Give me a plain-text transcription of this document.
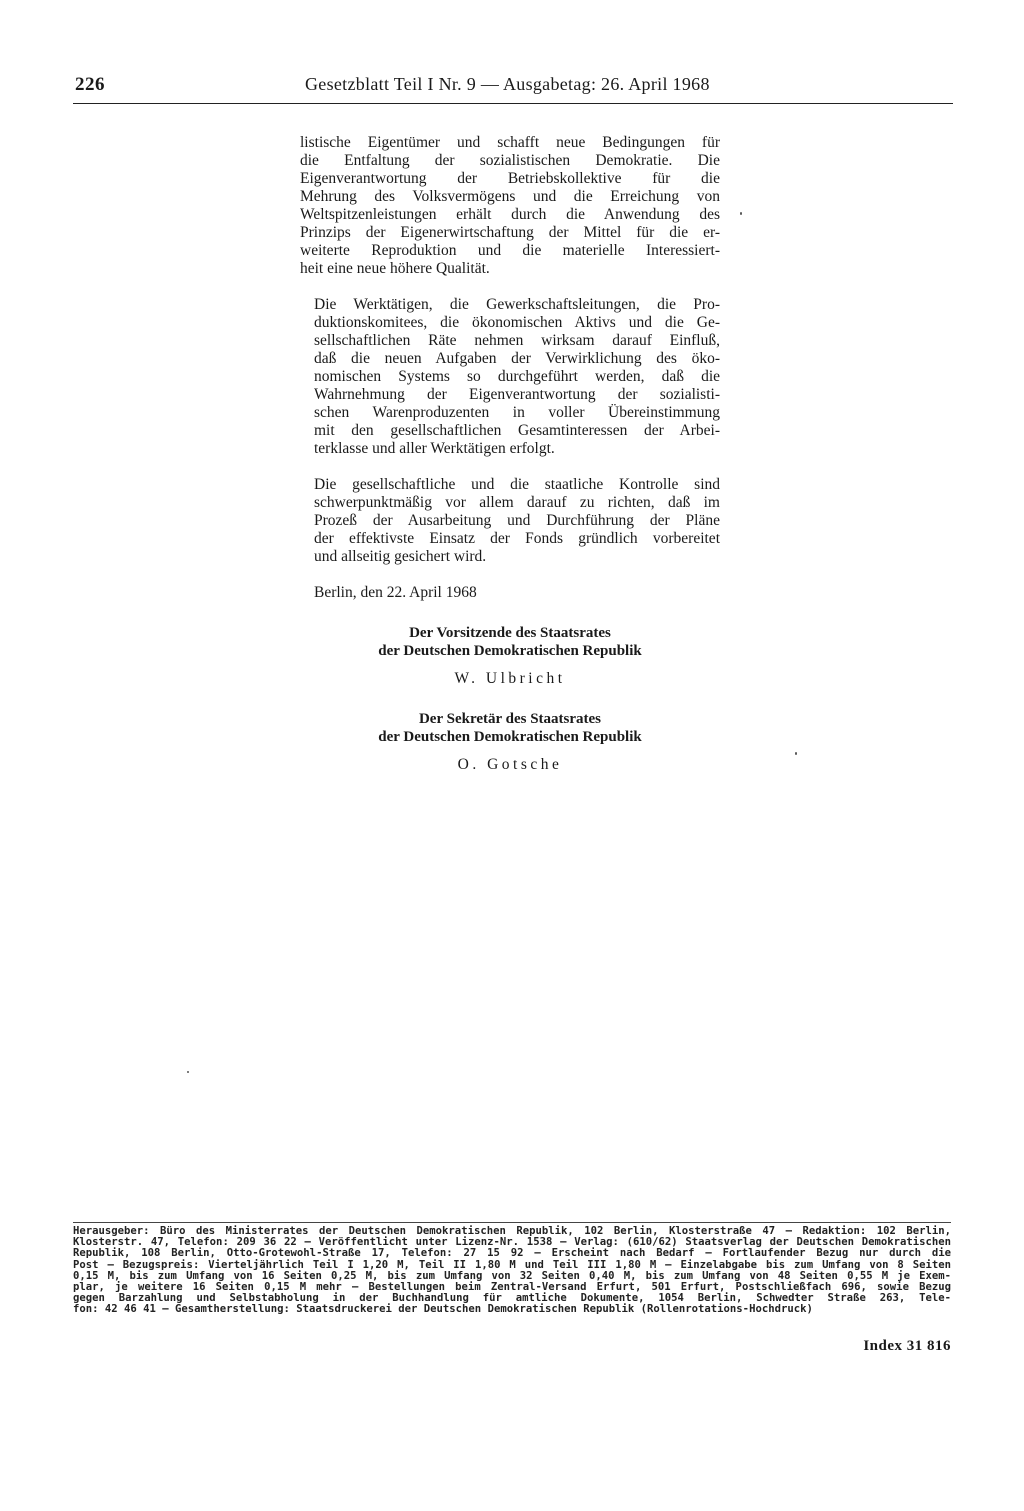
226	Gesetzblatt Teil I Nr. 9 — Ausgabetag: 26. April 1968
listische Eigentümer und schafft neue Bedingungen für
die Entfaltung der sozialistischen Demokratie. Die
Eigenverantwortung der Betriebskollektive für die
Mehrung des Volksvermögens und die Erreichung von
Weltspitzenleistungen erhält durch die Anwendung des
Prinzips der Eigenerwirtschaftung der Mittel für die er-
weiterte Reproduktion und die materielle Interessiert-
heit eine neue höhere Qualität.
Die Werktätigen, die Gewerkschaftsleitungen, die Pro-
duktionskomitees, die ökonomischen Aktivs und die Ge-
sellschaftlichen Räte nehmen wirksam darauf Einfluß,
daß die neuen Aufgaben der Verwirklichung des öko-
nomischen Systems so durchgeführt werden, daß die
Wahrnehmung der Eigenverantwortung der sozialisti-
schen Warenproduzenten in voller Übereinstimmung
mit den gesellschaftlichen Gesamtinteressen der Arbei-
terklasse und aller Werktätigen erfolgt.
Die gesellschaftliche und die staatliche Kontrolle sind
schwerpunktmäßig vor allem darauf zu richten, daß im
Prozeß der Ausarbeitung und Durchführung der Pläne
der effektivste Einsatz der Fonds gründlich vorbereitet
und allseitig gesichert wird.
Berlin, den 22. April 1968
Der Vorsitzende des Staatsrates
der Deutschen Demokratischen Republik
W. Ulbricht
Der Sekretär des Staatsrates
der Deutschen Demokratischen Republik
O. Gotsche
Herausgeber: Büro des Ministerrates der Deutschen Demokratischen Republik, 102 Berlin, Klosterstraße 47 — Redaktion: 102 Berlin,
Klosterstr. 47, Telefon: 209 36 22 — Veröffentlicht unter Lizenz-Nr. 1538 — Verlag: (610/62) Staatsverlag der Deutschen Demokratischen
Republik, 108 Berlin, Otto-Grotewohl-Straße 17, Telefon: 27 15 92 — Erscheint nach Bedarf — Fortlaufender Bezug nur durch die
Post — Bezugspreis: Vierteljährlich Teil I 1,20 M, Teil II 1,80 M und Teil III 1,80 M — Einzelabgabe bis zum Umfang von 8 Seiten
0,15 M, bis zum Umfang von 16 Seiten 0,25 M, bis zum Umfang von 32 Seiten 0,40 M, bis zum Umfang von 48 Seiten 0,55 M je Exem-
plar, je weitere 16 Seiten 0,15 M mehr — Bestellungen beim Zentral-Versand Erfurt, 501 Erfurt, Postschließfach 696, sowie Bezug
gegen Barzahlung und Selbstabholung in der Buchhandlung für amtliche Dokumente, 1054 Berlin, Schwedter Straße 263, Tele-
fon: 42 46 41 — Gesamtherstellung: Staatsdruckerei der Deutschen Demokratischen Republik (Rollenrotations-Hochdruck)
Index 31 816
